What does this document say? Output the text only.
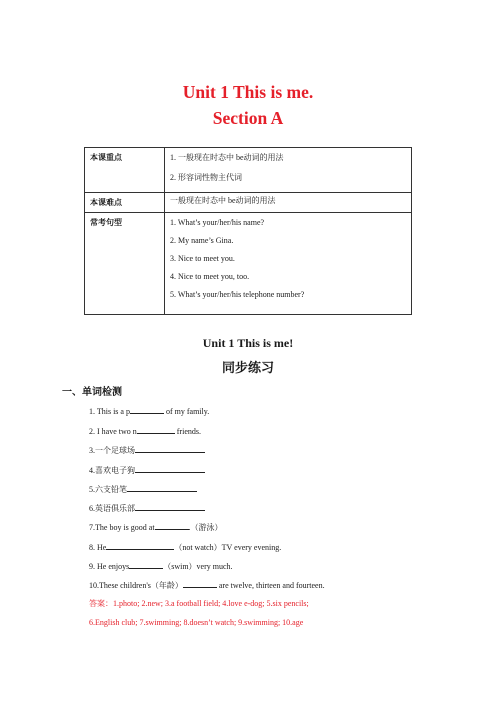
Unit 1 This is me.
Section A
本课重点	1. 一般现在时态中 be动词的用法
2. 形容词性物主代词

本课难点	一般现在时态中 be动词的用法

常考句型	1. What’s your/her/his name?
2. My name’s Gina.
3. Nice to meet you.
4. Nice to meet you, too.
5. What’s your/her/his telephone number?
Unit 1 This is me!
同步练习
一、单词检测
1. This is a p	of my family.
2. I have two n	friends.
3.一个足球场
4.喜欢电子狗
5.六支铅笔
6.英语俱乐部
7.The boy is good at	.（游泳）
8. He	（not watch）TV every evening.
9. He enjoys	（swim）very much.
10.These children's（年龄）	are twelve, thirteen and fourteen.
答案：1.photo; 2.new; 3.a football field; 4.love e-dog; 5.six pencils;
6.English club; 7.swimming; 8.doesn’t watch; 9.swimming; 10.age
